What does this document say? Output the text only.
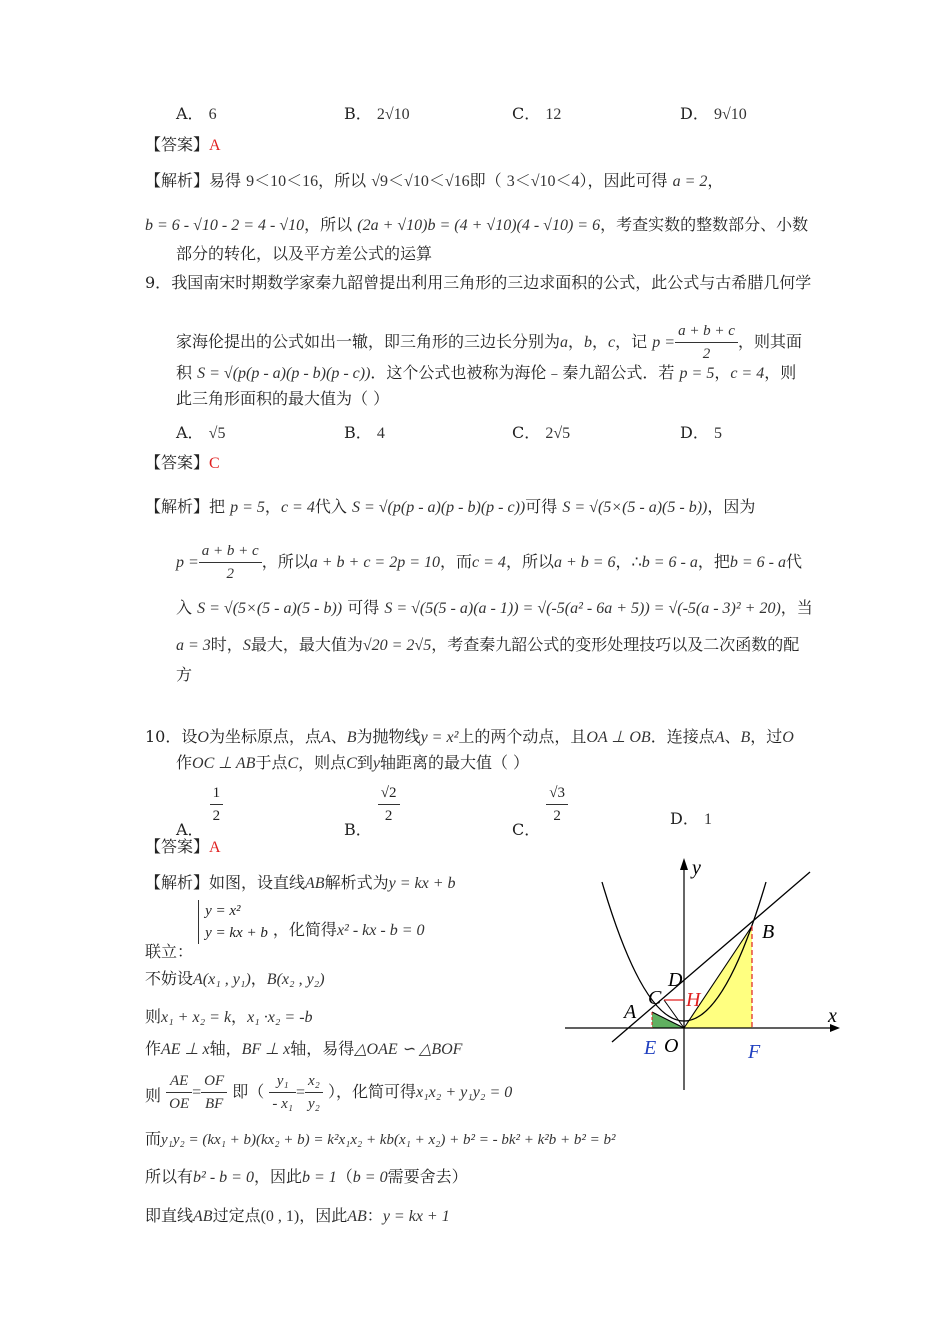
A． 6	B． 2√10	C． 12	D． 9√10
【答案】A
【解析】易得 9＜10＜16，所以 √9＜√10＜√16即（ 3＜√10＜4），因此可得 a = 2，
b = 6 - √10 - 2 = 4 - √10，所以 (2a + √10)b = (4 + √10)(4 - √10) = 6，考查实数的整数部分、小数
部分的转化，以及平方差公式的运算
9．我国南宋时期数学家秦九韶曾提出利用三角形的三边求面积的公式，此公式与古希腊几何学
家海伦提出的公式如出一辙，即三角形的三边长分别为a，b，c，记 $p = \frac{a + b + c}{2}$ ，则其面
积 S = √(p(p - a)(p - b)(p - c))．这个公式也被称为海伦﹣秦九韶公式．若 p = 5，c = 4，则
此三角形面积的最大值为（ ）
A． √5	B． 4	C． 2√5	D． 5
【答案】C
【解析】把 p = 5，c = 4代入 S = √(p(p - a)(p - b)(p - c))可得 S = √(5×(5 - a)(5 - b))，因为
$p = \frac{a + b + c}{2}$ ，所以a + b + c = 2p = 10，而c = 4，所以a + b = 6，∴b = 6 - a，把b = 6 - a代
入 S = √(5×(5 - a)(5 - b)) 可得 S = √(5(5 - a)(a - 1)) = √(-5(a² - 6a + 5)) = √(-5(a - 3)² + 20)，当
a = 3时，S最大，最大值为√20 = 2√5，考查秦九韶公式的变形处理技巧以及二次函数的配
方
10．设O为坐标原点，点A、B为抛物线y = x²上的两个动点，且OA ⊥ OB．连接点A、B，过O
作OC ⊥ AB于点C，则点C到y轴距离的最大值（ ）
A．
$\frac{1}{2}$
B．
$\frac{√2}{2}$
C．
$\frac{√3}{2}$	D． 1
【答案】A
【解析】如图，设直线AB解析式为y = kx + b
联立：
y = x²
y = kx + b ，化简得x² - kx - b = 0
不妨设A(x₁ , y₁)，B(x₂ , y₂)
则x₁ + x₂ = k，x₁ ·x₂ = -b
作AE ⊥ x轴，BF ⊥ x轴，易得△OAE ∽ △BOF
则 $\frac{AE}{OE} = \frac{OF}{BF}$ 即（ $\frac{\text{y₁}}{\text{- x₁}} = \frac{\text{x₂}}{\text{y₂}}$ ），化简可得x₁x₂ + y₁y₂ = 0
而y₁y₂ = (kx₁ + b)(kx₂ + b) = k²x₁x₂ + kb(x₁ + x₂) + b² = - bk² + k²b + b² = b²
所以有b² - b = 0，因此b = 1（b = 0需要舍去）
即直线AB过定点(0 , 1)，因此AB：y = kx + 1
y
x
B
D
C H
A
E O	F
